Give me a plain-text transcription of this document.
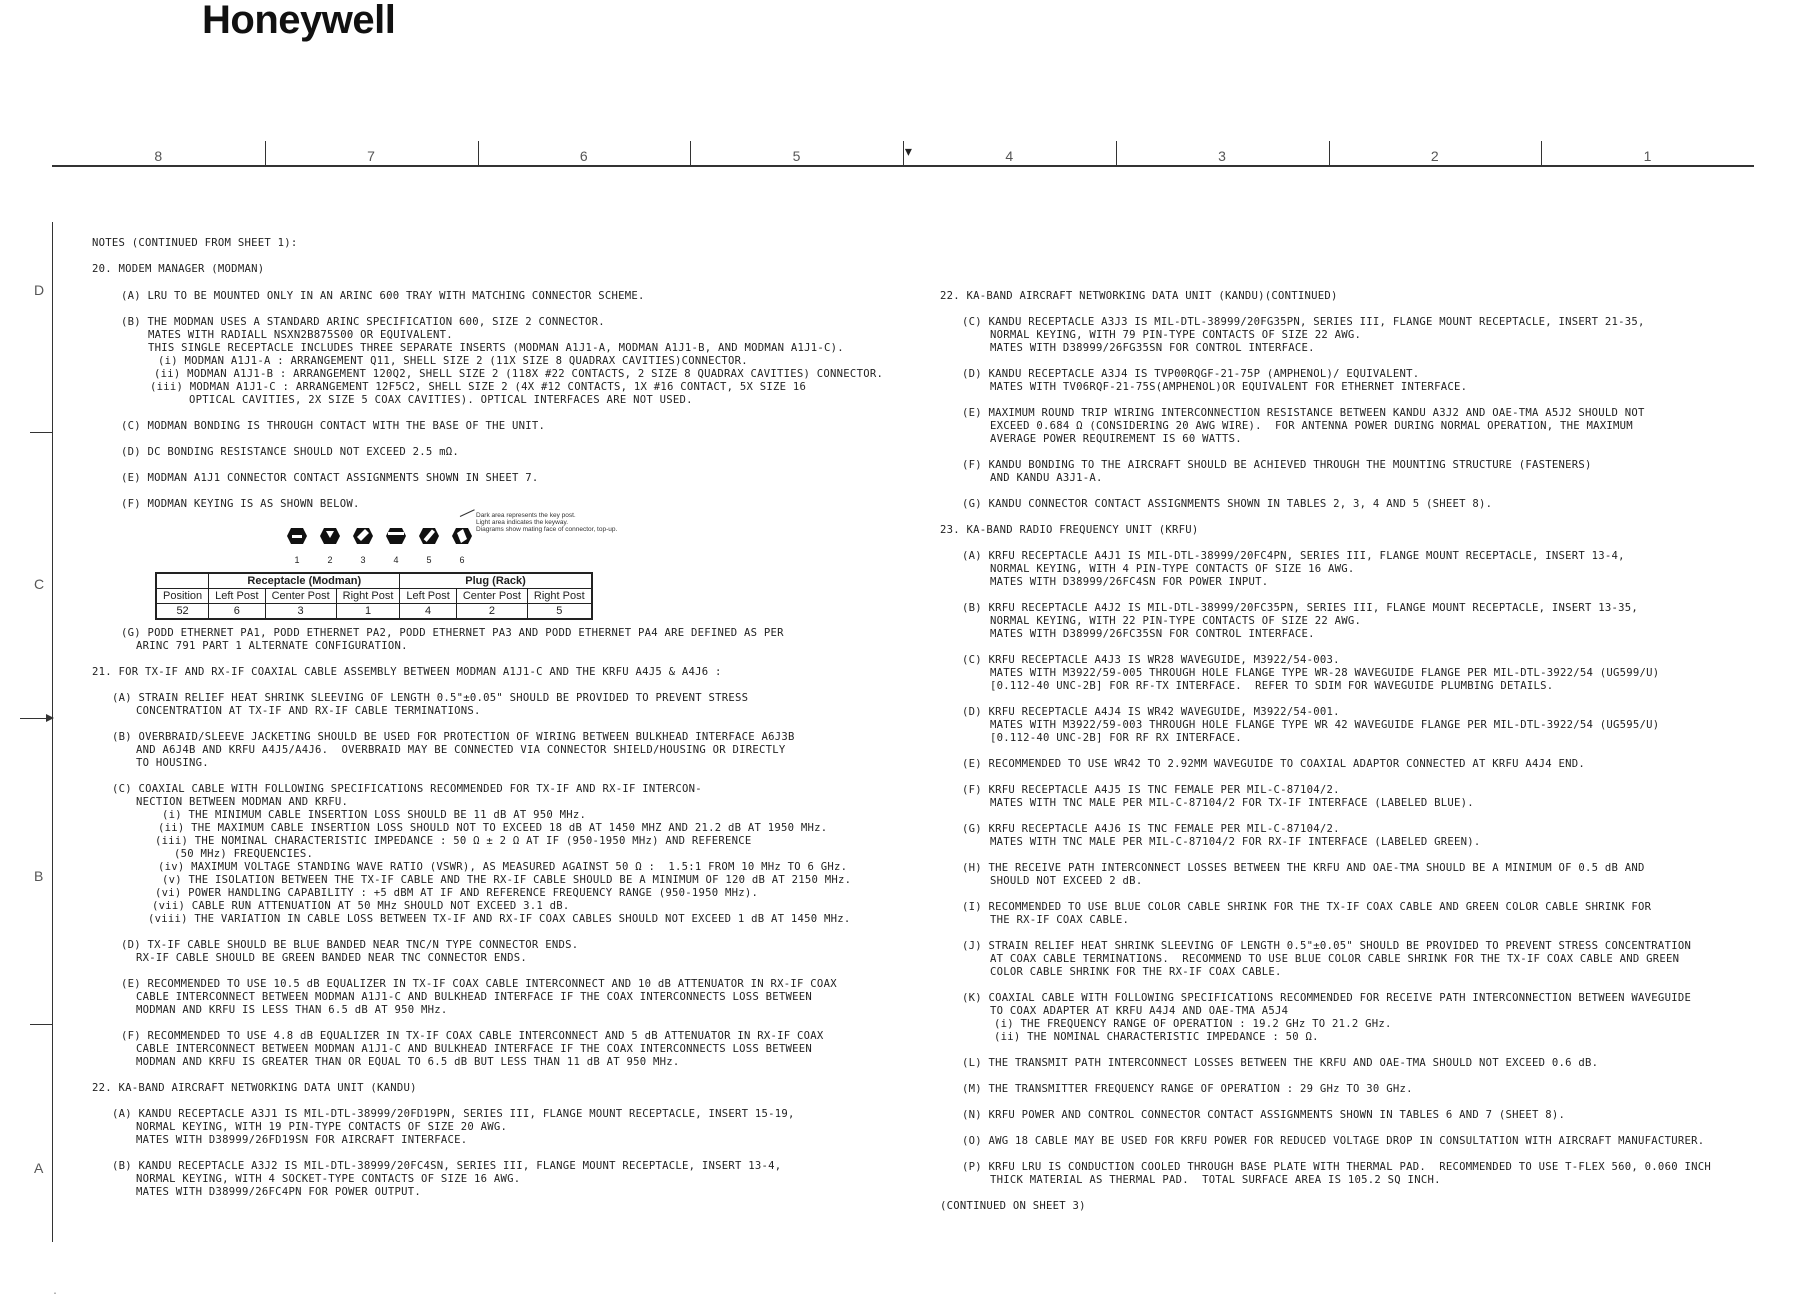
Honeywell
8	7	6	5	4	3	2	1
▾
D
C
B
A
.
NOTES (CONTINUED FROM SHEET 1):
20. MODEM MANAGER (MODMAN)
(A) LRU TO BE MOUNTED ONLY IN AN ARINC 600 TRAY WITH MATCHING CONNECTOR SCHEME.
(B) THE MODMAN USES A STANDARD ARINC SPECIFICATION 600, SIZE 2 CONNECTOR.
MATES WITH RADIALL NSXN2B875S00 OR EQUIVALENT.
THIS SINGLE RECEPTACLE INCLUDES THREE SEPARATE INSERTS (MODMAN A1J1-A, MODMAN A1J1-B, AND MODMAN A1J1-C).
(i) MODMAN A1J1-A : ARRANGEMENT Q11, SHELL SIZE 2 (11X SIZE 8 QUADRAX CAVITIES)CONNECTOR.
(ii) MODMAN A1J1-B : ARRANGEMENT 120Q2, SHELL SIZE 2 (118X #22 CONTACTS, 2 SIZE 8 QUADRAX CAVITIES) CONNECTOR.
(iii) MODMAN A1J1-C : ARRANGEMENT 12F5C2, SHELL SIZE 2 (4X #12 CONTACTS, 1X #16 CONTACT, 5X SIZE 16
OPTICAL CAVITIES, 2X SIZE 5 COAX CAVITIES). OPTICAL INTERFACES ARE NOT USED.
(C) MODMAN BONDING IS THROUGH CONTACT WITH THE BASE OF THE UNIT.
(D) DC BONDING RESISTANCE SHOULD NOT EXCEED 2.5 mΩ.
(E) MODMAN A1J1 CONNECTOR CONTACT ASSIGNMENTS SHOWN IN SHEET 7.
(F) MODMAN KEYING IS AS SHOWN BELOW.
(G) PODD ETHERNET PA1, PODD ETHERNET PA2, PODD ETHERNET PA3 AND PODD ETHERNET PA4 ARE DEFINED AS PER
ARINC 791 PART 1 ALTERNATE CONFIGURATION.
21. FOR TX-IF AND RX-IF COAXIAL CABLE ASSEMBLY BETWEEN MODMAN A1J1-C AND THE KRFU A4J5 & A4J6 :
(A) STRAIN RELIEF HEAT SHRINK SLEEVING OF LENGTH 0.5"±0.05" SHOULD BE PROVIDED TO PREVENT STRESS
CONCENTRATION AT TX-IF AND RX-IF CABLE TERMINATIONS.
(B) OVERBRAID/SLEEVE JACKETING SHOULD BE USED FOR PROTECTION OF WIRING BETWEEN BULKHEAD INTERFACE A6J3B
AND A6J4B AND KRFU A4J5/A4J6.  OVERBRAID MAY BE CONNECTED VIA CONNECTOR SHIELD/HOUSING OR DIRECTLY
TO HOUSING.
(C) COAXIAL CABLE WITH FOLLOWING SPECIFICATIONS RECOMMENDED FOR TX-IF AND RX-IF INTERCON-
NECTION BETWEEN MODMAN AND KRFU.
(i) THE MINIMUM CABLE INSERTION LOSS SHOULD BE 11 dB AT 950 MHz.
(ii) THE MAXIMUM CABLE INSERTION LOSS SHOULD NOT TO EXCEED 18 dB AT 1450 MHZ AND 21.2 dB AT 1950 MHz.
(iii) THE NOMINAL CHARACTERISTIC IMPEDANCE : 50 Ω ± 2 Ω AT IF (950-1950 MHz) AND REFERENCE
(50 MHz) FREQUENCIES.
(iv) MAXIMUM VOLTAGE STANDING WAVE RATIO (VSWR), AS MEASURED AGAINST 50 Ω :  1.5:1 FROM 10 MHz TO 6 GHz.
(v) THE ISOLATION BETWEEN THE TX-IF CABLE AND THE RX-IF CABLE SHOULD BE A MINIMUM OF 120 dB AT 2150 MHz.
(vi) POWER HANDLING CAPABILITY : +5 dBM AT IF AND REFERENCE FREQUENCY RANGE (950-1950 MHz).
(vii) CABLE RUN ATTENUATION AT 50 MHz SHOULD NOT EXCEED 3.1 dB.
(viii) THE VARIATION IN CABLE LOSS BETWEEN TX-IF AND RX-IF COAX CABLES SHOULD NOT EXCEED 1 dB AT 1450 MHz.
(D) TX-IF CABLE SHOULD BE BLUE BANDED NEAR TNC/N TYPE CONNECTOR ENDS.
RX-IF CABLE SHOULD BE GREEN BANDED NEAR TNC CONNECTOR ENDS.
(E) RECOMMENDED TO USE 10.5 dB EQUALIZER IN TX-IF COAX CABLE INTERCONNECT AND 10 dB ATTENUATOR IN RX-IF COAX
CABLE INTERCONNECT BETWEEN MODMAN A1J1-C AND BULKHEAD INTERFACE IF THE COAX INTERCONNECTS LOSS BETWEEN
MODMAN AND KRFU IS LESS THAN 6.5 dB AT 950 MHz.
(F) RECOMMENDED TO USE 4.8 dB EQUALIZER IN TX-IF COAX CABLE INTERCONNECT AND 5 dB ATTENUATOR IN RX-IF COAX
CABLE INTERCONNECT BETWEEN MODMAN A1J1-C AND BULKHEAD INTERFACE IF THE COAX INTERCONNECTS LOSS BETWEEN
MODMAN AND KRFU IS GREATER THAN OR EQUAL TO 6.5 dB BUT LESS THAN 11 dB AT 950 MHz.
22. KA-BAND AIRCRAFT NETWORKING DATA UNIT (KANDU)
(A) KANDU RECEPTACLE A3J1 IS MIL-DTL-38999/20FD19PN, SERIES III, FLANGE MOUNT RECEPTACLE, INSERT 15-19,
NORMAL KEYING, WITH 19 PIN-TYPE CONTACTS OF SIZE 20 AWG.
MATES WITH D38999/26FD19SN FOR AIRCRAFT INTERFACE.
(B) KANDU RECEPTACLE A3J2 IS MIL-DTL-38999/20FC4SN, SERIES III, FLANGE MOUNT RECEPTACLE, INSERT 13-4,
NORMAL KEYING, WITH 4 SOCKET-TYPE CONTACTS OF SIZE 16 AWG.
MATES WITH D38999/26FC4PN FOR POWER OUTPUT.
22. KA-BAND AIRCRAFT NETWORKING DATA UNIT (KANDU)(CONTINUED)
(C) KANDU RECEPTACLE A3J3 IS MIL-DTL-38999/20FG35PN, SERIES III, FLANGE MOUNT RECEPTACLE, INSERT 21-35,
NORMAL KEYING, WITH 79 PIN-TYPE CONTACTS OF SIZE 22 AWG.
MATES WITH D38999/26FG35SN FOR CONTROL INTERFACE.
(D) KANDU RECEPTACLE A3J4 IS TVP00RQGF-21-75P (AMPHENOL)/ EQUIVALENT.
MATES WITH TV06RQF-21-75S(AMPHENOL)OR EQUIVALENT FOR ETHERNET INTERFACE.
(E) MAXIMUM ROUND TRIP WIRING INTERCONNECTION RESISTANCE BETWEEN KANDU A3J2 AND OAE-TMA A5J2 SHOULD NOT
EXCEED 0.684 Ω (CONSIDERING 20 AWG WIRE).  FOR ANTENNA POWER DURING NORMAL OPERATION, THE MAXIMUM
AVERAGE POWER REQUIREMENT IS 60 WATTS.
(F) KANDU BONDING TO THE AIRCRAFT SHOULD BE ACHIEVED THROUGH THE MOUNTING STRUCTURE (FASTENERS)
AND KANDU A3J1-A.
(G) KANDU CONNECTOR CONTACT ASSIGNMENTS SHOWN IN TABLES 2, 3, 4 AND 5 (SHEET 8).
23. KA-BAND RADIO FREQUENCY UNIT (KRFU)
(A) KRFU RECEPTACLE A4J1 IS MIL-DTL-38999/20FC4PN, SERIES III, FLANGE MOUNT RECEPTACLE, INSERT 13-4,
NORMAL KEYING, WITH 4 PIN-TYPE CONTACTS OF SIZE 16 AWG.
MATES WITH D38999/26FC4SN FOR POWER INPUT.
(B) KRFU RECEPTACLE A4J2 IS MIL-DTL-38999/20FC35PN, SERIES III, FLANGE MOUNT RECEPTACLE, INSERT 13-35,
NORMAL KEYING, WITH 22 PIN-TYPE CONTACTS OF SIZE 22 AWG.
MATES WITH D38999/26FC35SN FOR CONTROL INTERFACE.
(C) KRFU RECEPTACLE A4J3 IS WR28 WAVEGUIDE, M3922/54-003.
MATES WITH M3922/59-005 THROUGH HOLE FLANGE TYPE WR-28 WAVEGUIDE FLANGE PER MIL-DTL-3922/54 (UG599/U)
[0.112-40 UNC-2B] FOR RF-TX INTERFACE.  REFER TO SDIM FOR WAVEGUIDE PLUMBING DETAILS.
(D) KRFU RECEPTACLE A4J4 IS WR42 WAVEGUIDE, M3922/54-001.
MATES WITH M3922/59-003 THROUGH HOLE FLANGE TYPE WR 42 WAVEGUIDE FLANGE PER MIL-DTL-3922/54 (UG595/U)
[0.112-40 UNC-2B] FOR RF RX INTERFACE.
(E) RECOMMENDED TO USE WR42 TO 2.92MM WAVEGUIDE TO COAXIAL ADAPTOR CONNECTED AT KRFU A4J4 END.
(F) KRFU RECEPTACLE A4J5 IS TNC FEMALE PER MIL-C-87104/2.
MATES WITH TNC MALE PER MIL-C-87104/2 FOR TX-IF INTERFACE (LABELED BLUE).
(G) KRFU RECEPTACLE A4J6 IS TNC FEMALE PER MIL-C-87104/2.
MATES WITH TNC MALE PER MIL-C-87104/2 FOR RX-IF INTERFACE (LABELED GREEN).
(H) THE RECEIVE PATH INTERCONNECT LOSSES BETWEEN THE KRFU AND OAE-TMA SHOULD BE A MINIMUM OF 0.5 dB AND
SHOULD NOT EXCEED 2 dB.
(I) RECOMMENDED TO USE BLUE COLOR CABLE SHRINK FOR THE TX-IF COAX CABLE AND GREEN COLOR CABLE SHRINK FOR
THE RX-IF COAX CABLE.
(J) STRAIN RELIEF HEAT SHRINK SLEEVING OF LENGTH 0.5"±0.05" SHOULD BE PROVIDED TO PREVENT STRESS CONCENTRATION
AT COAX CABLE TERMINATIONS.  RECOMMEND TO USE BLUE COLOR CABLE SHRINK FOR THE TX-IF COAX CABLE AND GREEN
COLOR CABLE SHRINK FOR THE RX-IF COAX CABLE.
(K) COAXIAL CABLE WITH FOLLOWING SPECIFICATIONS RECOMMENDED FOR RECEIVE PATH INTERCONNECTION BETWEEN WAVEGUIDE
TO COAX ADAPTER AT KRFU A4J4 AND OAE-TMA A5J4
(i) THE FREQUENCY RANGE OF OPERATION : 19.2 GHz TO 21.2 GHz.
(ii) THE NOMINAL CHARACTERISTIC IMPEDANCE : 50 Ω.
(L) THE TRANSMIT PATH INTERCONNECT LOSSES BETWEEN THE KRFU AND OAE-TMA SHOULD NOT EXCEED 0.6 dB.
(M) THE TRANSMITTER FREQUENCY RANGE OF OPERATION : 29 GHz TO 30 GHz.
(N) KRFU POWER AND CONTROL CONNECTOR CONTACT ASSIGNMENTS SHOWN IN TABLES 6 AND 7 (SHEET 8).
(O) AWG 18 CABLE MAY BE USED FOR KRFU POWER FOR REDUCED VOLTAGE DROP IN CONSULTATION WITH AIRCRAFT MANUFACTURER.
(P) KRFU LRU IS CONDUCTION COOLED THROUGH BASE PLATE WITH THERMAL PAD.  RECOMMENDED TO USE T-FLEX 560, 0.060 INCH
THICK MATERIAL AS THERMAL PAD.  TOTAL SURFACE AREA IS 105.2 SQ INCH.
(CONTINUED ON SHEET 3)
1	2	3	4	5	6
Dark area represents the key post.
Light area indicates the keyway.
Diagrams show mating face of connector, top-up.
	Receptacle (Modman)			Plug (Rack)		
Position	Left Post	Center Post	Right Post	Left Post	Center Post	Right Post
52	6	3	1	4	2	5
